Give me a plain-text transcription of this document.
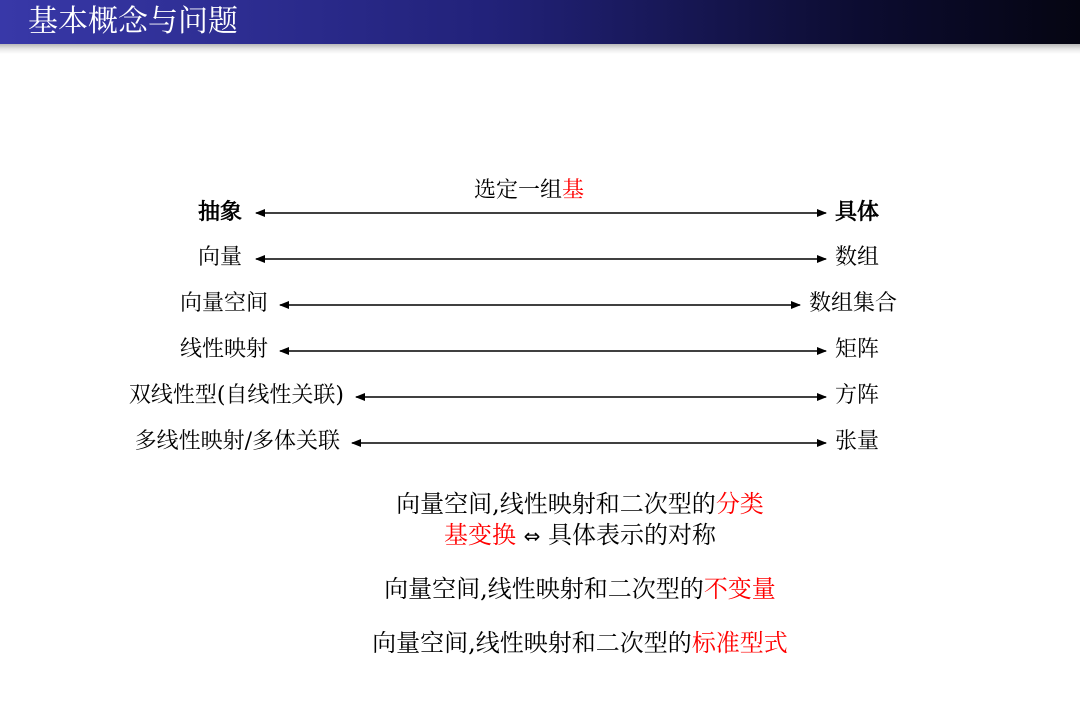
基本概念与问题
选定一组基
抽象
向量
向量空间
线性映射
双线性型(自线性关联)
多线性映射/多体关联
具体
数组
数组集合
矩阵
方阵
张量
向量空间,线性映射和二次型的分类
基变换 ⇔ 具体表示的对称
向量空间,线性映射和二次型的不变量
向量空间,线性映射和二次型的标准型式
